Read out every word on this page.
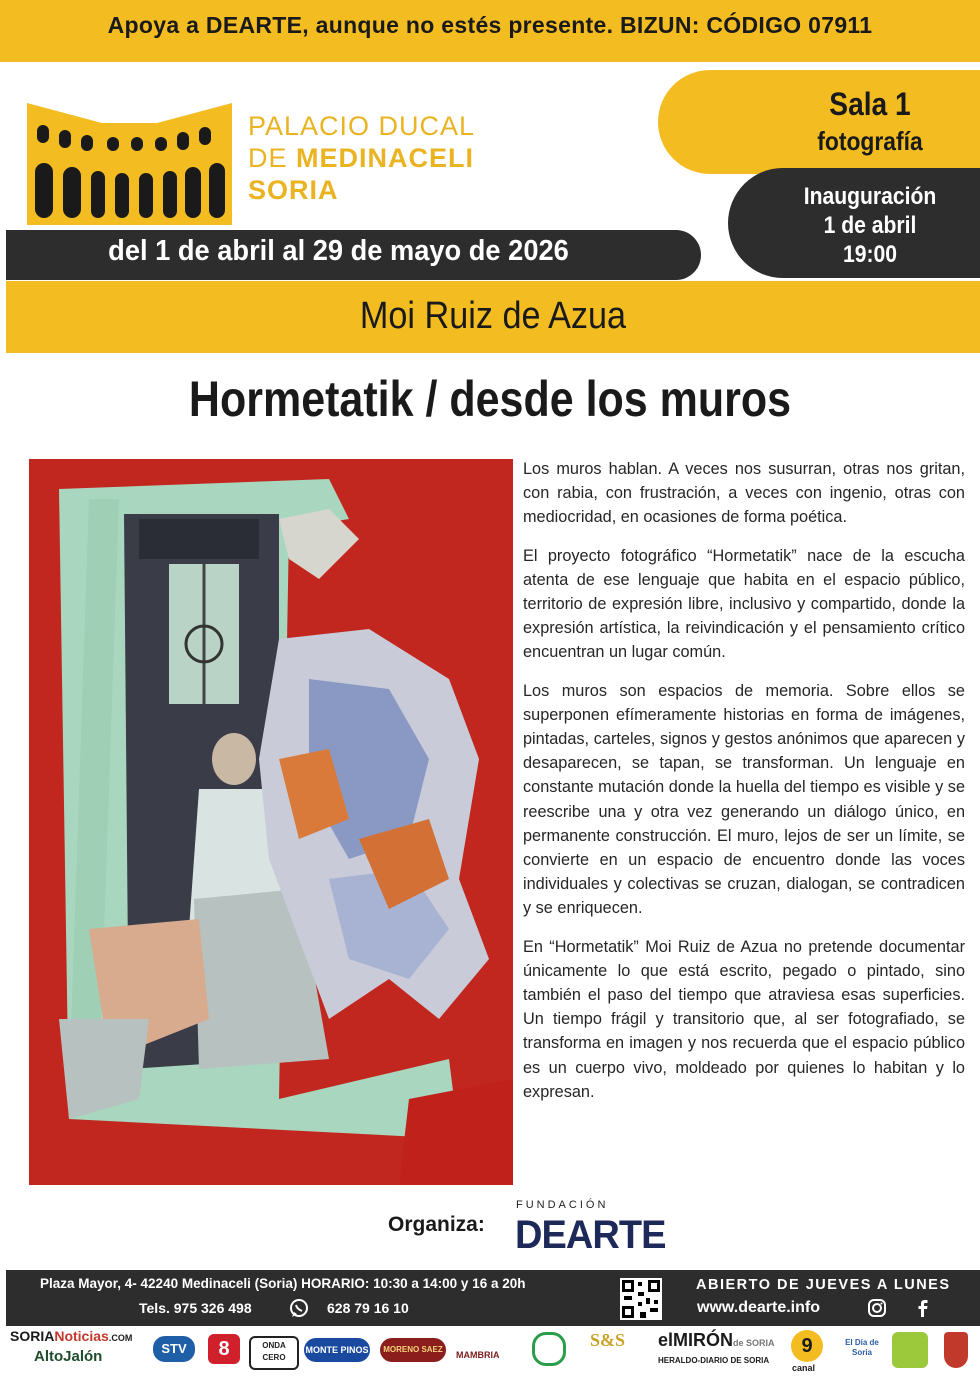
Apoya a DEARTE, aunque no estés presente. BIZUN: CÓDIGO 07911
PALACIO DUCAL
DE MEDINACELI
SORIA
Sala 1
fotografía
Inauguración
1 de abril
19:00
del 1 de abril al 29 de mayo de 2026
Moi Ruiz de Azua
Hormetatik / desde los muros

Los muros hablan. A veces nos susurran, otras nos gritan, con rabia, con frustración, a veces con ingenio, otras con mediocridad, en ocasiones de forma poética.

El proyecto fotográfico “Hormetatik” nace de la escucha atenta de ese lenguaje que habita en el espacio público, territorio de expresión libre, inclusivo y compartido, donde la expresión artística, la reivindicación y el pensamiento crítico encuentran un lugar común.

Los muros son espacios de memoria. Sobre ellos se superponen efímeramente historias en forma de imágenes, pintadas, carteles, signos y gestos anónimos que aparecen y desaparecen, se tapan, se transforman. Un lenguaje en constante mutación donde la huella del tiempo es visible y se reescribe una y otra vez generando un diálogo único, en permanente construcción. El muro, lejos de ser un límite, se convierte en un espacio de encuentro donde las voces individuales y colectivas se cruzan, dialogan, se contradicen y se enriquecen.

En “Hormetatik” Moi Ruiz de Azua no pretende documentar únicamente lo que está escrito, pegado o pintado, sino también el paso del tiempo que atraviesa esas superficies. Un tiempo frágil y transitorio que, al ser fotografiado, se transforma en imagen y nos recuerda que el espacio público es un cuerpo vivo, moldeado por quienes lo habitan y lo expresan.

Organiza:
FUNDACIÓN
DEARTE
Plaza Mayor, 4- 42240 Medinaceli (Soria) HORARIO: 10:30 a 14:00 y 16 a 20h
Tels. 975 326 498	628 79 16 10
ABIERTO DE JUEVES A LUNES
www.dearte.info
SORIANoticias.COM
AltoJalón	STV	8	ONDA CERO
MONTE PINOS	MORENO SAEZ
MAMBRIA
S&S elMIRÓNde SORIA
HERALDO-DIARIO DE SORIA
9
canal
El Día de Soria
